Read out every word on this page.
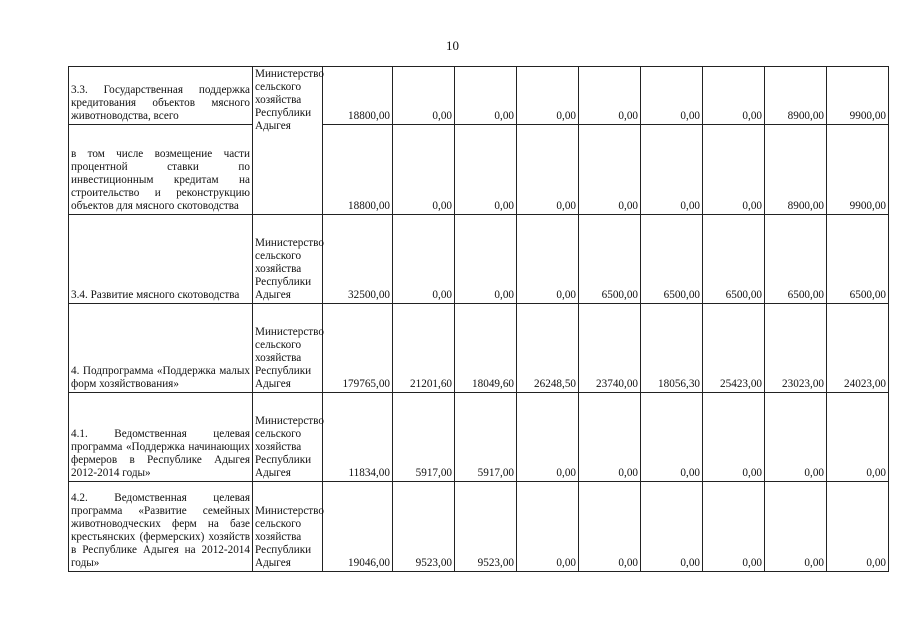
10
3.3. Государственная поддержка кредитования объектов мясного животноводства, всего	Министерство сельского хозяйства Республики Адыгея	18800,00	0,00	0,00	0,00	0,00	0,00	0,00	8900,00	9900,00
в том числе возмещение части процентной ставки по инвестиционным кредитам на строительство и реконструкцию объектов для мясного скотоводства		18800,00	0,00	0,00	0,00	0,00	0,00	0,00	8900,00	9900,00
3.4. Развитие мясного скотоводства	Министерство сельского хозяйства Республики Адыгея	32500,00	0,00	0,00	0,00	6500,00	6500,00	6500,00	6500,00	6500,00
4. Подпрограмма «Поддержка малых форм хозяйствования»	Министерство сельского хозяйства Республики Адыгея	179765,00	21201,60	18049,60	26248,50	23740,00	18056,30	25423,00	23023,00	24023,00
4.1. Ведомственная целевая программа «Поддержка начинающих фермеров в Республике Адыгея 2012-2014 годы»	Министерство сельского хозяйства Республики Адыгея	11834,00	5917,00	5917,00	0,00	0,00	0,00	0,00	0,00	0,00
4.2. Ведомственная целевая программа «Развитие семейных животноводческих ферм на базе крестьянских (фермерских) хозяйств в Республике Адыгея на 2012-2014 годы»	Министерство сельского хозяйства Республики Адыгея	19046,00	9523,00	9523,00	0,00	0,00	0,00	0,00	0,00	0,00
